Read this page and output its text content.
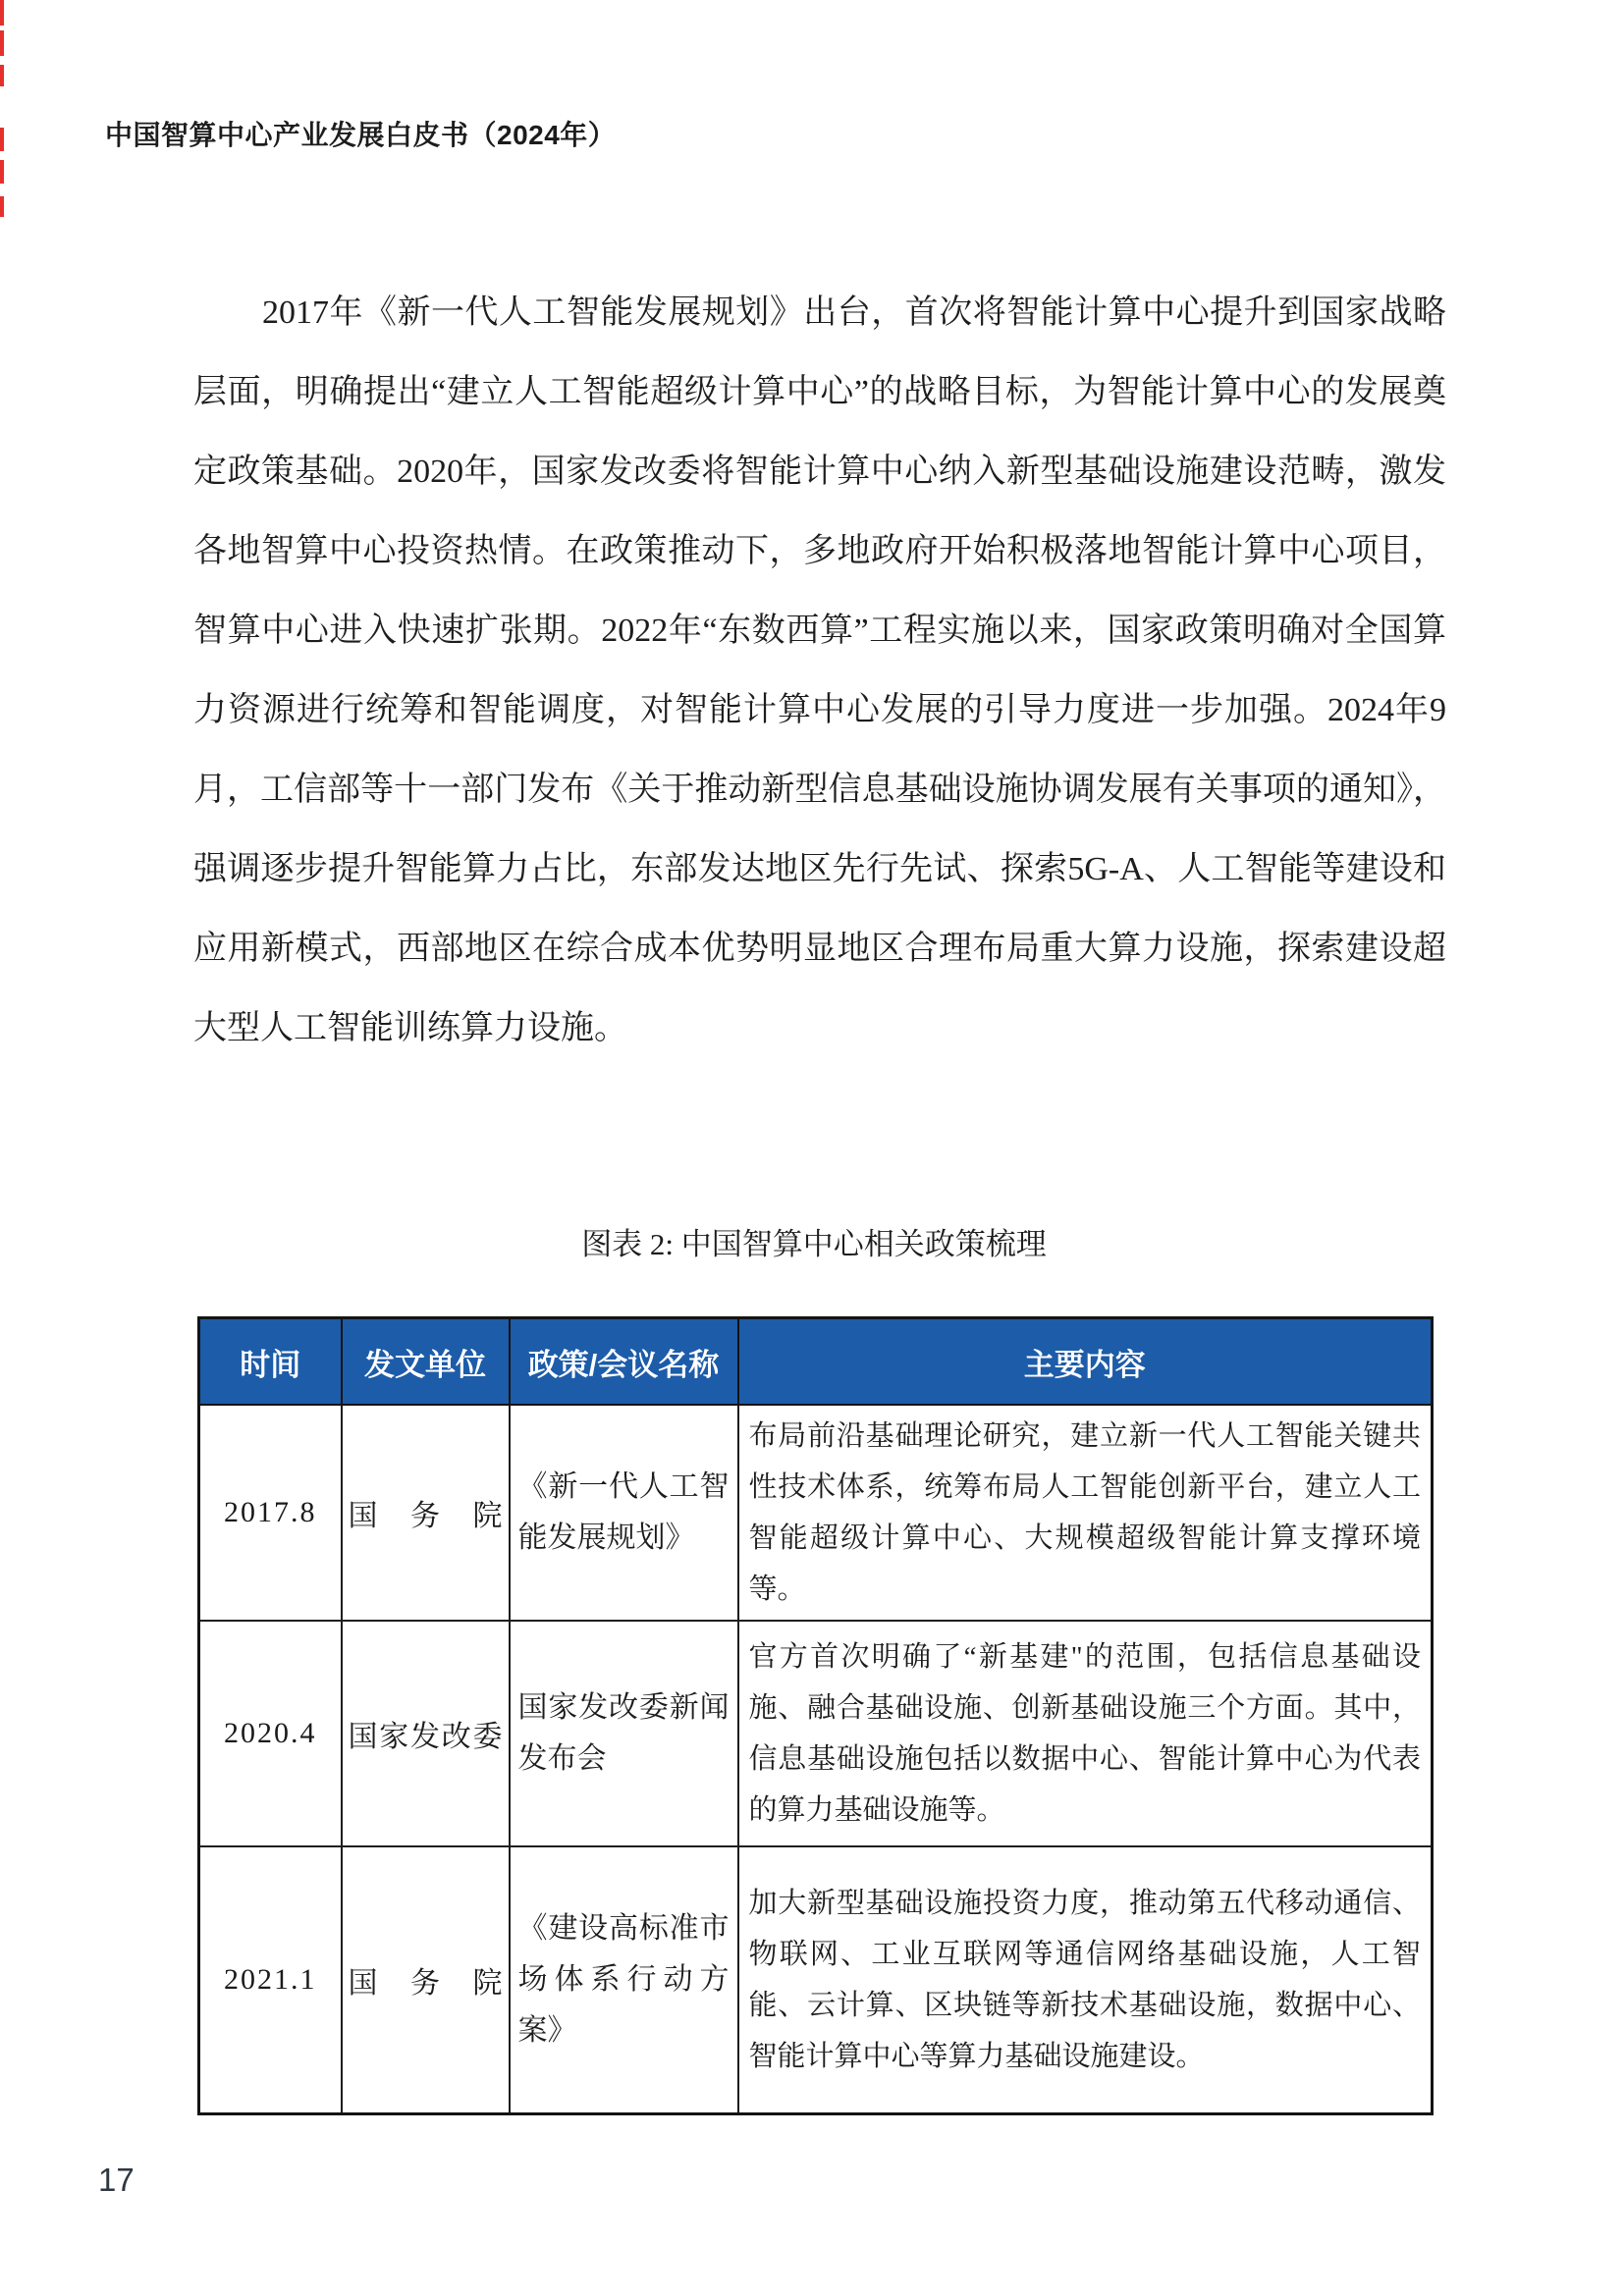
中国智算中心产业发展白皮书（2024年）
2017年《新一代人工智能发展规划》出台，首次将智能计算中心提升到国家战略层面，明确提出“建立人工智能超级计算中心”的战略目标，为智能计算中心的发展奠定政策基础。2020年，国家发改委将智能计算中心纳入新型基础设施建设范畴，激发各地智算中心投资热情。在政策推动下，多地政府开始积极落地智能计算中心项目，智算中心进入快速扩张期。2022年“东数西算”工程实施以来，国家政策明确对全国算力资源进行统筹和智能调度，对智能计算中心发展的引导力度进一步加强。2024年9月，工信部等十一部门发布《关于推动新型信息基础设施协调发展有关事项的通知》，强调逐步提升智能算力占比，东部发达地区先行先试、探索5G-A、人工智能等建设和应用新模式，西部地区在综合成本优势明显地区合理布局重大算力设施，探索建设超大型人工智能训练算力设施。
图表 2: 中国智算中心相关政策梳理
时间	发文单位	政策/会议名称	主要内容
2017.8	国务院	《新一代人工智能发展规划》	布局前沿基础理论研究，建立新一代人工智能关键共性技术体系，统筹布局人工智能创新平台，建立人工智能超级计算中心、大规模超级智能计算支撑环境等。
2020.4	国家发改委	国家发改委新闻发布会	官方首次明确了“新基建"的范围，包括信息基础设施、融合基础设施、创新基础设施三个方面。其中，信息基础设施包括以数据中心、智能计算中心为代表的算力基础设施等。
2021.1	国务院	《建设高标准市场体系行动方案》	加大新型基础设施投资力度，推动第五代移动通信、物联网、工业互联网等通信网络基础设施，人工智能、云计算、区块链等新技术基础设施，数据中心、智能计算中心等算力基础设施建设。
17
